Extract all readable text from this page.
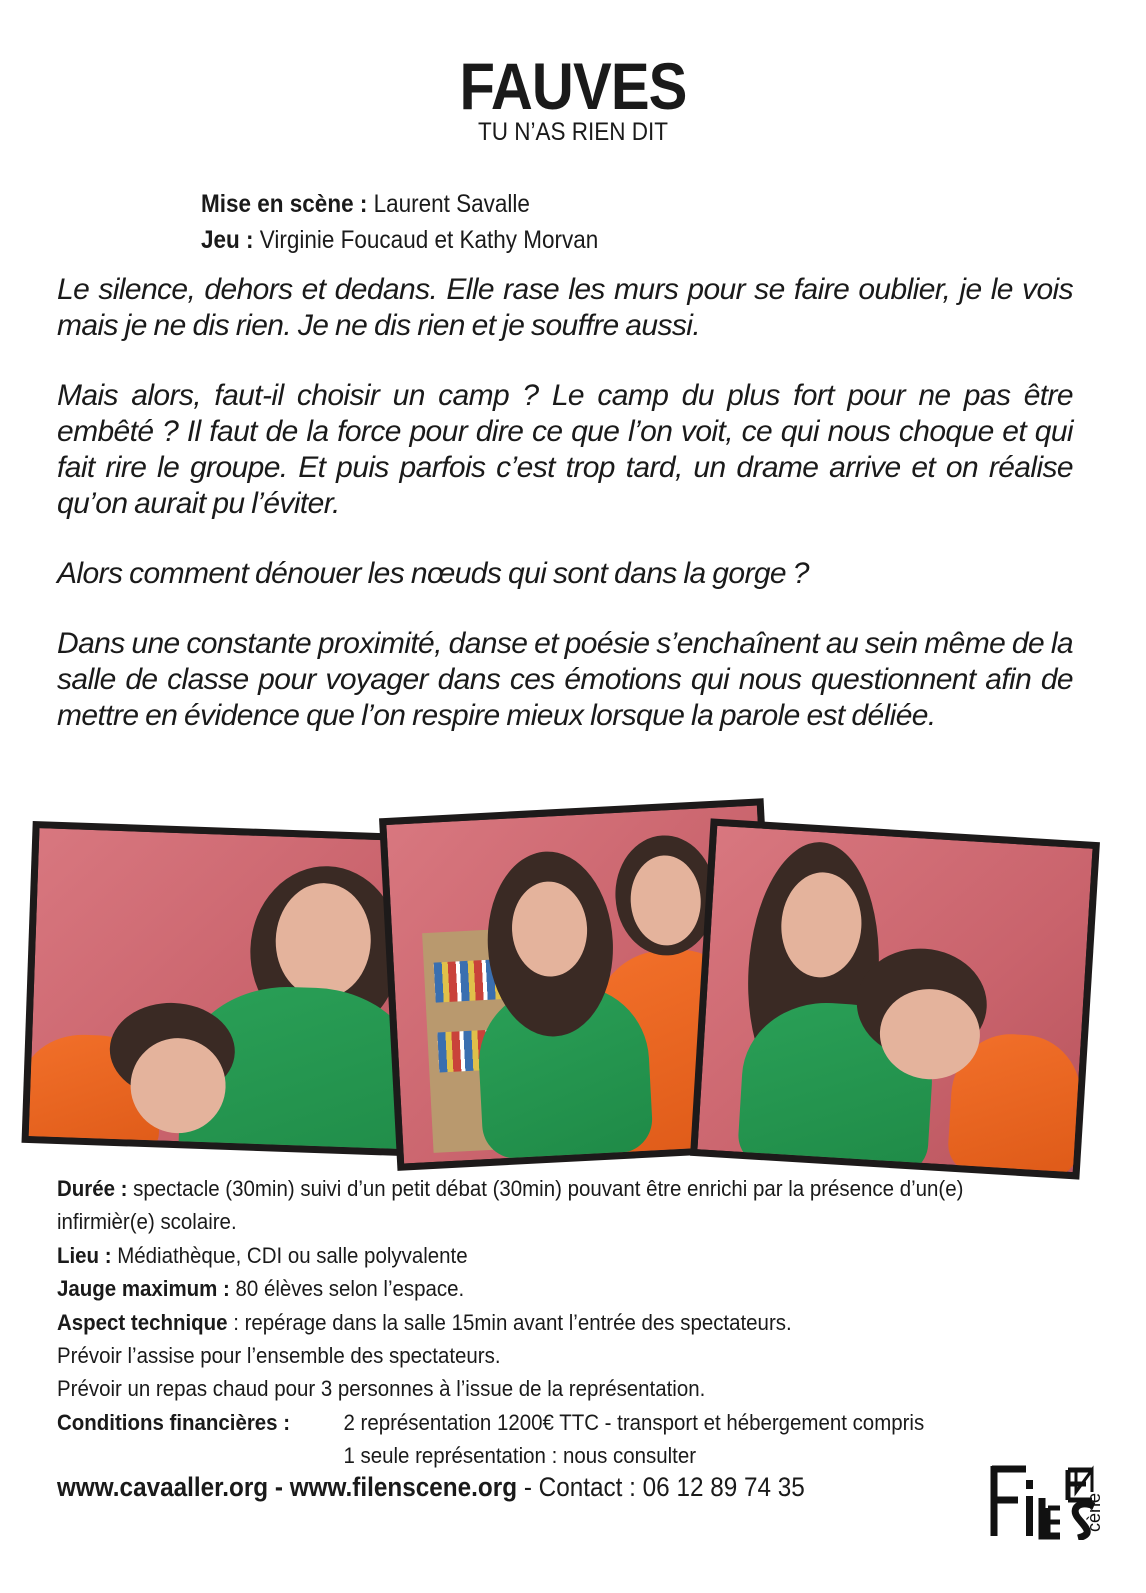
FAUVES
TU N’AS RIEN DIT
Mise en scène : Laurent Savalle
Jeu : Virginie Foucaud et Kathy Morvan

Le silence, dehors et dedans. Elle rase les murs pour se faire oublier, je le vois mais je ne dis rien. Je ne dis rien et je souffre aussi.

Mais alors, faut-il choisir un camp ? Le camp du plus fort pour ne pas être embêté ? Il faut de la force pour dire ce que l’on voit, ce qui nous choque et qui fait rire le groupe. Et puis parfois c’est trop tard, un drame arrive et on réalise qu’on aurait pu l’éviter.

Alors comment dénouer les nœuds qui sont dans la gorge ?

Dans une constante proximité, danse et poésie s’enchaînent au sein même de la salle de classe pour voyager dans ces émotions qui nous questionnent afin de mettre en évidence que l’on respire mieux lorsque la parole est déliée.

Durée : spectacle (30min) suivi d’un petit débat (30min) pouvant être enrichi par la présence d’un(e)
infirmièr(e) scolaire.
Lieu : Médiathèque, CDI ou salle polyvalente
Jauge maximum : 80 élèves selon l’espace.
Aspect technique : repérage dans la salle 15min avant l’entrée des spectateurs.
Prévoir l’assise pour l’ensemble des spectateurs.
Prévoir un repas chaud pour 3 personnes à l’issue de la représentation.
Conditions financières : 2 représentation 1200€ TTC - transport et hébergement compris
1 seule représentation : nous consulter
www.cavaaller.org - www.filenscene.org - Contact : 06 12 89 74 35
cène
